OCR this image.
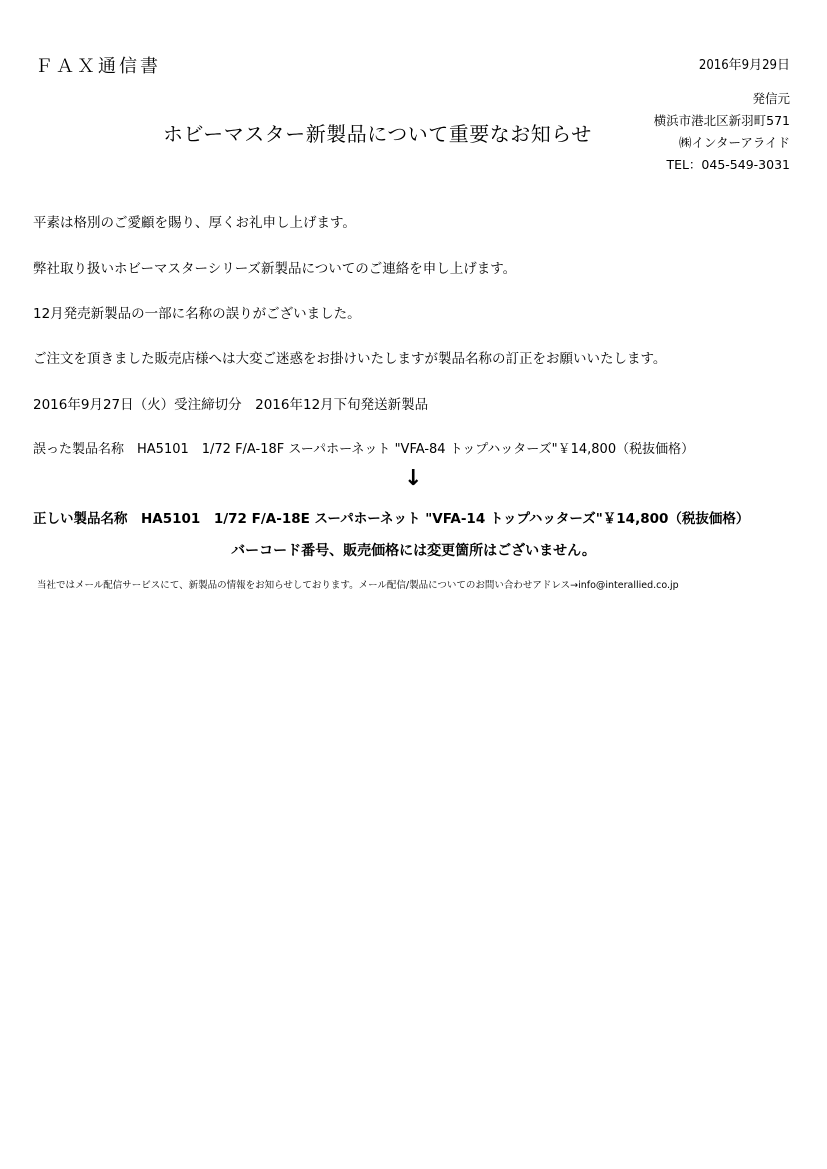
ＦＡＸ通信書	2016年9月29日
発信元
横浜市港北区新羽町571
㈱インターアライド
TEL：045-549-3031
ホビーマスター新製品について重要なお知らせ
平素は格別のご愛顧を賜り、厚くお礼申し上げます。
弊社取り扱いホビーマスターシリーズ新製品についてのご連絡を申し上げます。
12月発売新製品の一部に名称の誤りがございました。
ご注文を頂きました販売店様へは大変ご迷惑をお掛けいたしますが製品名称の訂正をお願いいたします。
2016年9月27日（火）受注締切分　2016年12月下旬発送新製品
誤った製品名称　HA5101　1/72 F/A-18F スーパホーネット "VFA-84 トップハッターズ"￥14,800（税抜価格）
↓
正しい製品名称　HA5101　1/72 F/A-18E スーパホーネット "VFA-14 トップハッターズ"￥14,800（税抜価格）
バーコード番号、販売価格には変更箇所はございません。
当社ではメール配信サービスにて、新製品の情報をお知らせしております。メール配信/製品についてのお問い合わせアドレス→info@interallied.co.jp
